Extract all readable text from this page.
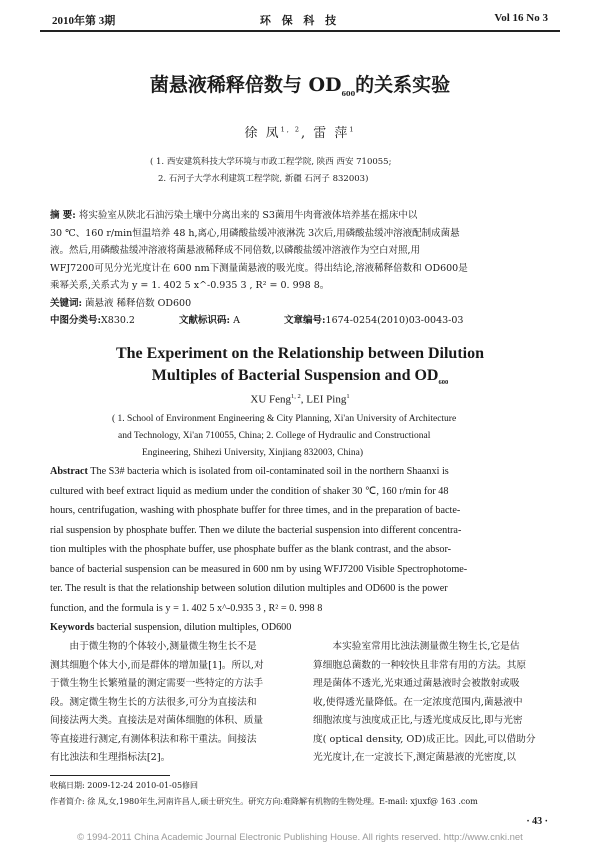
2010年第 3期	环 保 科 技	Vol 16 No 3
菌悬液稀释倍数与 $OD_{600}$的关系实验
徐 凤$^{1, 2}$, 雷 萍$^1$
( 1. 西安建筑科技大学环境与市政工程学院, 陕西 西安 710055;
2. 石河子大学水利建筑工程学院, 新疆 石河子 832003)
摘 要: 将实验室从陕北石油污染土壤中分离出来的 S3菌用牛肉膏液体培养基在摇床中以
30 ℃、160 r/min恒温培养 48 h,离心,用磷酸盐缓冲液淋洗 3次后,用磷酸盐缓冲溶液配制成菌悬
液。然后,用磷酸盐缓冲溶液将菌悬液稀释成不同倍数,以磷酸盐缓冲溶液作为空白对照,用
WFJ7200可见分光光度计在 600 nm下测量菌悬液的吸光度。得出结论,溶液稀释倍数和 OD600是
乘幂关系,关系式为 y = 1. 402 5 x^-0.935 3 , R² = 0. 998 8。
关键词: 菌悬液 稀释倍数 OD600
中图分类号:X830.2	文献标识码: A	文章编号:1674-0254(2010)03-0043-03
The Experiment on the Relationship between Dilution
Multiples of Bacterial Suspension and $OD_{600}$
XU Feng$^{1, 2}$, LEI Ping$^1$
( 1. School of Environment Engineering & City Planning, Xi'an University of Architecture
and Technology, Xi'an 710055, China; 2. College of Hydraulic and Constructional
Engineering, Shihezi University, Xinjiang 832003, China)
Abstract The S3# bacteria which is isolated from oil-contaminated soil in the northern Shaanxi is
cultured with beef extract liquid as medium under the condition of shaker 30 ℃, 160 r/min for 48
hours, centrifugation, washing with phosphate buffer for three times, and in the preparation of bacte-
rial suspension by phosphate buffer. Then we dilute the bacterial suspension into different concentra-
tion multiples with the phosphate buffer, use phosphate buffer as the blank contrast, and the absor-
bance of bacterial suspension can be measured in 600 nm by using WFJ7200 Visible Spectrophotome-
ter. The result is that the relationship between solution dilution multiples and OD600 is the power
function, and the formula is y = 1. 402 5 x^-0.935 3 , R² = 0. 998 8
Keywords bacterial suspension, dilution multiples, OD600
由于微生物的个体较小,测量微生物生长不是
测其细胞个体大小,而是群体的增加量[1]。所以,对
于微生物生长繁殖量的测定需要一些特定的方法手
段。测定微生物生长的方法很多,可分为直接法和
间接法两大类。直接法是对菌体细胞的体积、质量
等直接进行测定,有测体积法和称干重法。间接法
有比浊法和生理指标法[2]。
本实验室常用比浊法测量微生物生长,它是估
算细胞总菌数的一种较快且非常有用的方法。其原
理是菌体不透光,光束通过菌悬液时会被散射或吸
收,使得透光量降低。在一定浓度范围内,菌悬液中
细胞浓度与浊度成正比,与透光度成反比,即与光密
度( optical density, OD)成正比。因此,可以借助分
光光度计,在一定波长下,测定菌悬液的光密度,以
收稿日期: 2009-12-24 2010-01-05修回
作者简介: 徐 凤,女,1980年生,河南许昌人,硕士研究生。研究方向:难降解有机物的生物处理。E-mail: xjuxf@ 163 .com
· 43 ·
© 1994-2011 China Academic Journal Electronic Publishing House. All rights reserved. http://www.cnki.net
